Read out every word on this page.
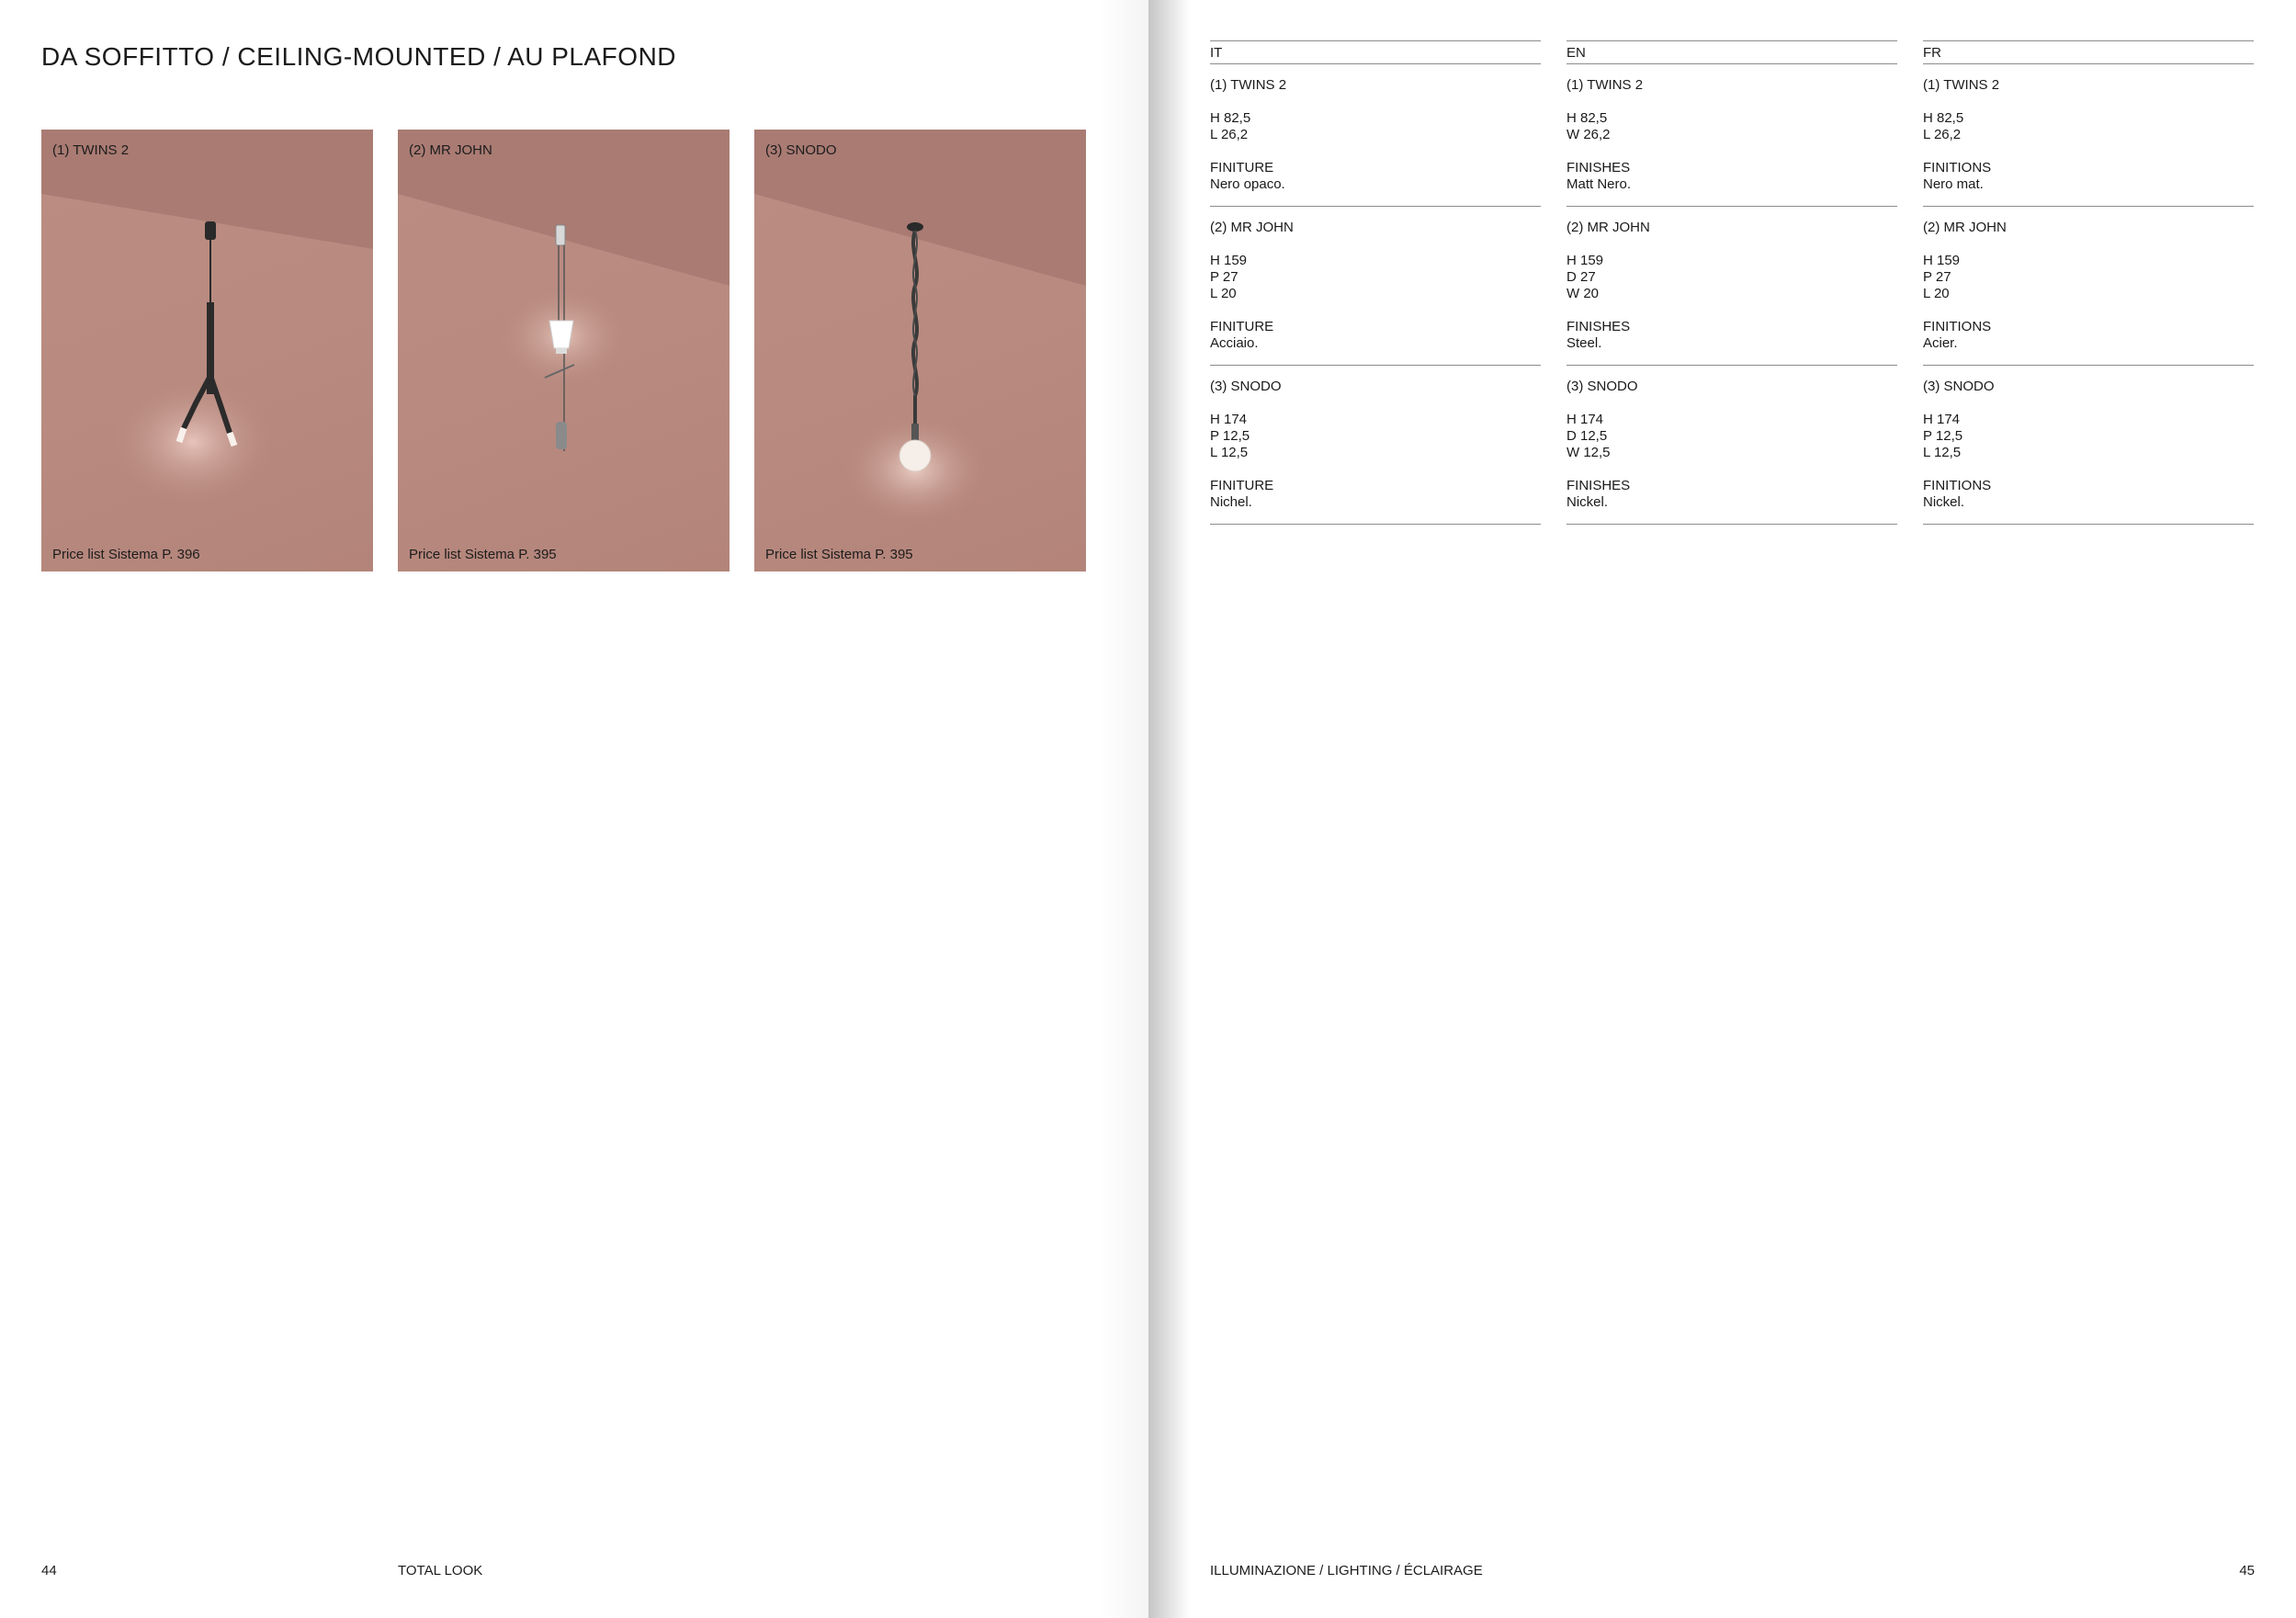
DA SOFFITTO / CEILING-MOUNTED / AU PLAFOND
(1) TWINS 2
Price list Sistema P. 396
(2) MR JOHN
Price list Sistema P. 395
(3) SNODO
Price list Sistema P. 395
44	TOTAL LOOK
IT
(1) TWINS 2
H 82,5
L 26,2
FINITURE
Nero opaco.
(2) MR JOHN
H 159
P 27
L 20
FINITURE
Acciaio.
(3) SNODO
H 174
P 12,5
L 12,5
FINITURE
Nichel.
EN
(1) TWINS 2
H 82,5
W 26,2
FINISHES
Matt Nero.
(2) MR JOHN
H 159
D 27
W 20
FINISHES
Steel.
(3) SNODO
H 174
D 12,5
W 12,5
FINISHES
Nickel.
FR
(1) TWINS 2
H 82,5
L 26,2
FINITIONS
Nero mat.
(2) MR JOHN
H 159
P 27
L 20
FINITIONS
Acier.
(3) SNODO
H 174
P 12,5
L 12,5
FINITIONS
Nickel.
ILLUMINAZIONE / LIGHTING / ÉCLAIRAGE	45
